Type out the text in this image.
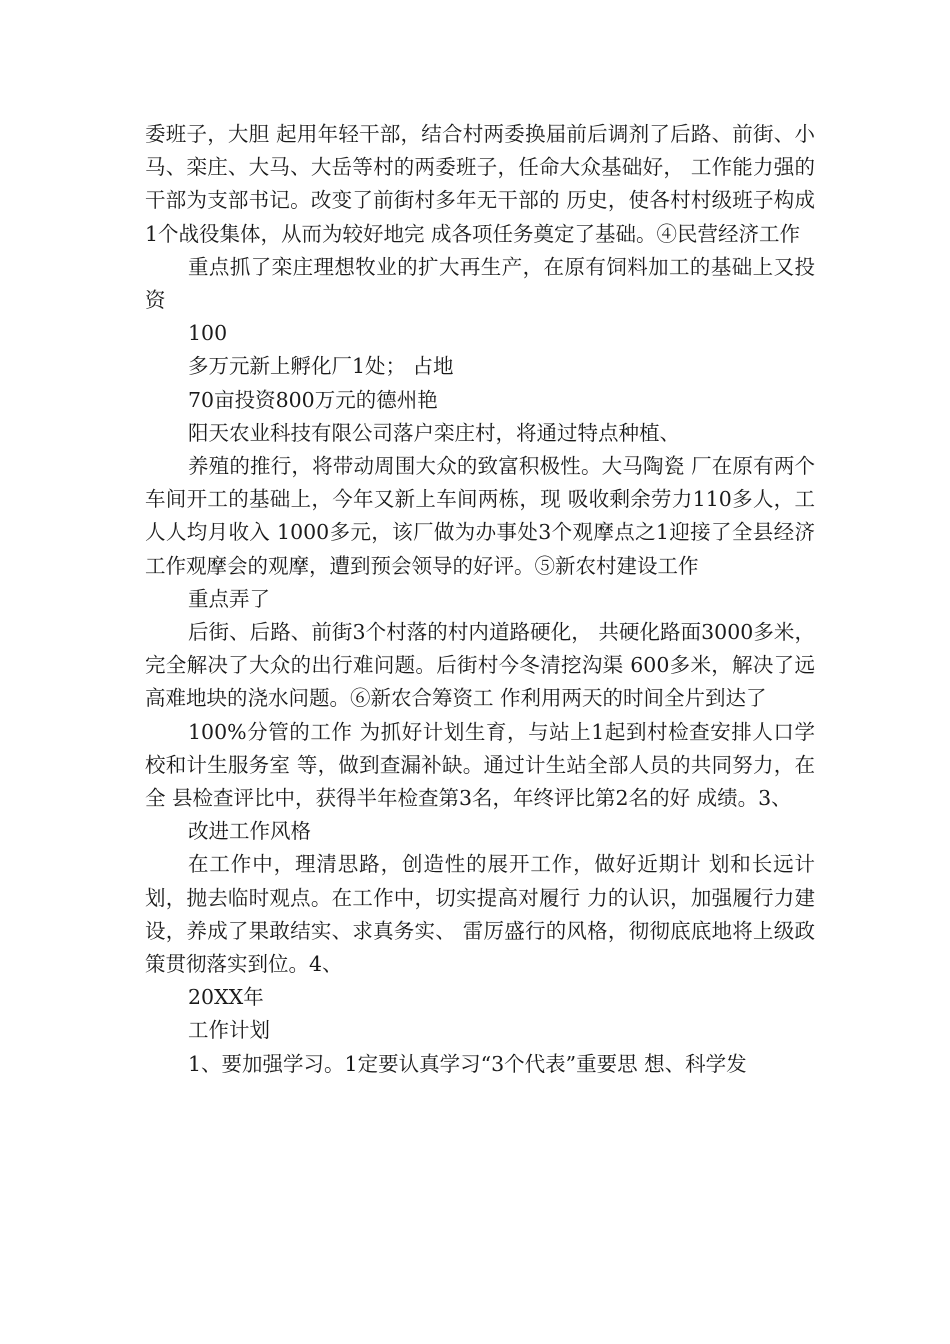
委班子，大胆 起用年轻干部，结合村两委换届前后调剂了后路、前街、小 马、栾庄、大马、大岳等村的两委班子，任命大众基础好， 工作能力强的干部为支部书记。改变了前街村多年无干部的 历史，使各村村级班子构成1个战役集体，从而为较好地完 成各项任务奠定了基础。④民营经济工作

重点抓了栾庄理想牧业的扩大再生产，在原有饲料加工的基础上又投资

100

多万元新上孵化厂1处； 占地

70亩投资800万元的德州艳

阳天农业科技有限公司落户栾庄村，将通过特点种植、

养殖的推行，将带动周围大众的致富积极性。大马陶瓷 厂在原有两个车间开工的基础上，今年又新上车间两栋，现 吸收剩余劳力110多人，工人人均月收入 1000多元，该厂做为办事处3个观摩点之1迎接了全县经济工作观摩会的观摩，遭到预会领导的好评。⑤新农村建设工作

重点弄了

后街、后路、前街3个村落的村内道路硬化， 共硬化路面3000多米，完全解决了大众的出行难问题。后街村今冬清挖沟渠 600多米，解决了远高难地块的浇水问题。⑥新农合筹资工 作利用两天的时间全片到达了

100%分管的工作 为抓好计划生育，与站上1起到村检查安排人口学校和计生服务室 等，做到查漏补缺。通过计生站全部人员的共同努力，在全 县检查评比中，获得半年检查第3名，年终评比第2名的好 成绩。3、

改进工作风格

在工作中，理清思路，创造性的展开工作，做好近期计 划和长远计划，抛去临时观点。在工作中，切实提高对履行 力的认识，加强履行力建设，养成了果敢结实、求真务实、 雷厉盛行的风格，彻彻底底地将上级政策贯彻落实到位。4、

20XX年

工作计划

1、要加强学习。1定要认真学习“3个代表”重要思 想、科学发
